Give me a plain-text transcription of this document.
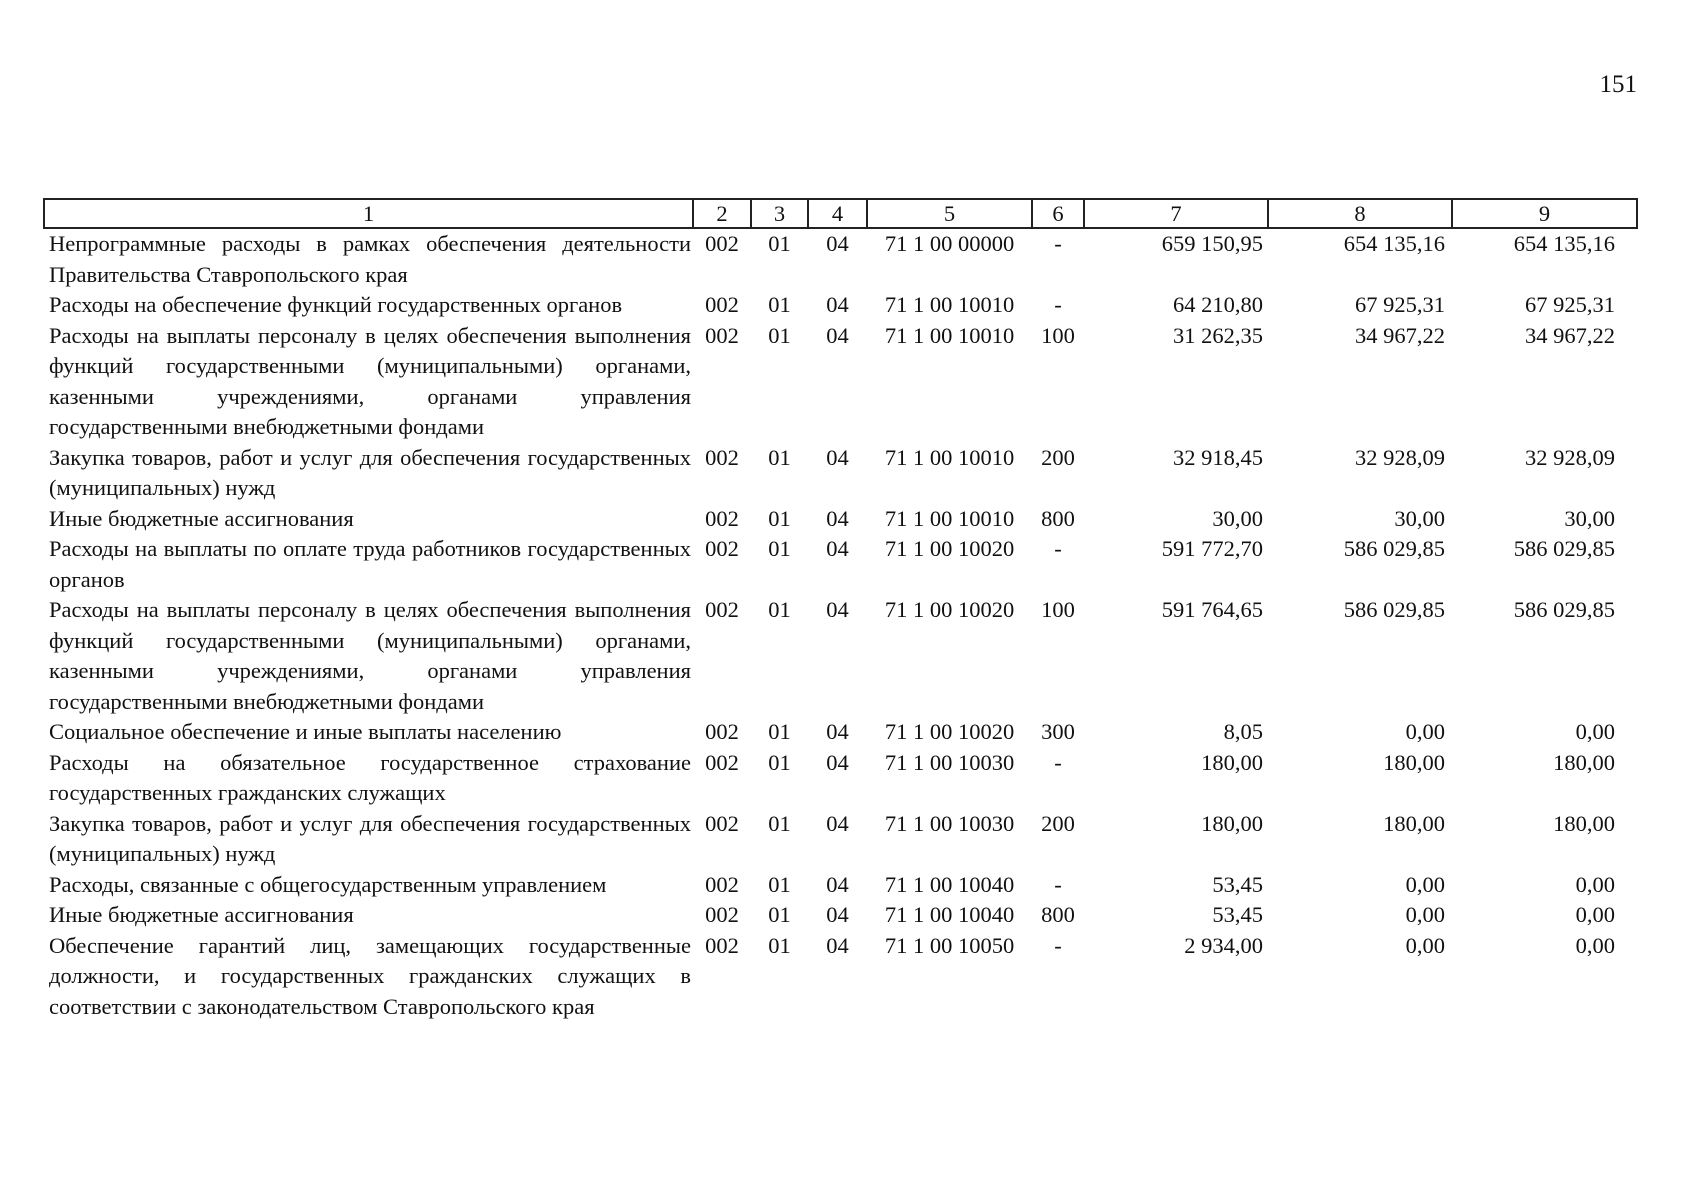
151
1	2	3	4	5	6	7	8	9
Непрограммные расходы в рамках обеспечения деятельности Правительства Ставропольского края	002	01	04	71 1 00 00000	-	659 150,95	654 135,16	654 135,16
Расходы на обеспечение функций государственных органов	002	01	04	71 1 00 10010	-	64 210,80	67 925,31	67 925,31
Расходы на выплаты персоналу в целях обеспечения выполнения функций государственными (муниципальными) органами, казенными учреждениями, органами управления государственными внебюджетными фондами	002	01	04	71 1 00 10010	100	31 262,35	34 967,22	34 967,22
Закупка товаров, работ и услуг для обеспечения государственных (муниципальных) нужд	002	01	04	71 1 00 10010	200	32 918,45	32 928,09	32 928,09
Иные бюджетные ассигнования	002	01	04	71 1 00 10010	800	30,00	30,00	30,00
Расходы на выплаты по оплате труда работников государственных органов	002	01	04	71 1 00 10020	-	591 772,70	586 029,85	586 029,85
Расходы на выплаты персоналу в целях обеспечения выполнения функций государственными (муниципальными) органами, казенными учреждениями, органами управления государственными внебюджетными фондами	002	01	04	71 1 00 10020	100	591 764,65	586 029,85	586 029,85
Социальное обеспечение и иные выплаты населению	002	01	04	71 1 00 10020	300	8,05	0,00	0,00
Расходы на обязательное государственное страхование государственных гражданских служащих	002	01	04	71 1 00 10030	-	180,00	180,00	180,00
Закупка товаров, работ и услуг для обеспечения государственных (муниципальных) нужд	002	01	04	71 1 00 10030	200	180,00	180,00	180,00
Расходы, связанные с общегосударственным управлением	002	01	04	71 1 00 10040	-	53,45	0,00	0,00
Иные бюджетные ассигнования	002	01	04	71 1 00 10040	800	53,45	0,00	0,00
Обеспечение гарантий лиц, замещающих государственные должности, и государственных гражданских служащих в соответствии с законодательством Ставропольского края	002	01	04	71 1 00 10050	-	2 934,00	0,00	0,00
